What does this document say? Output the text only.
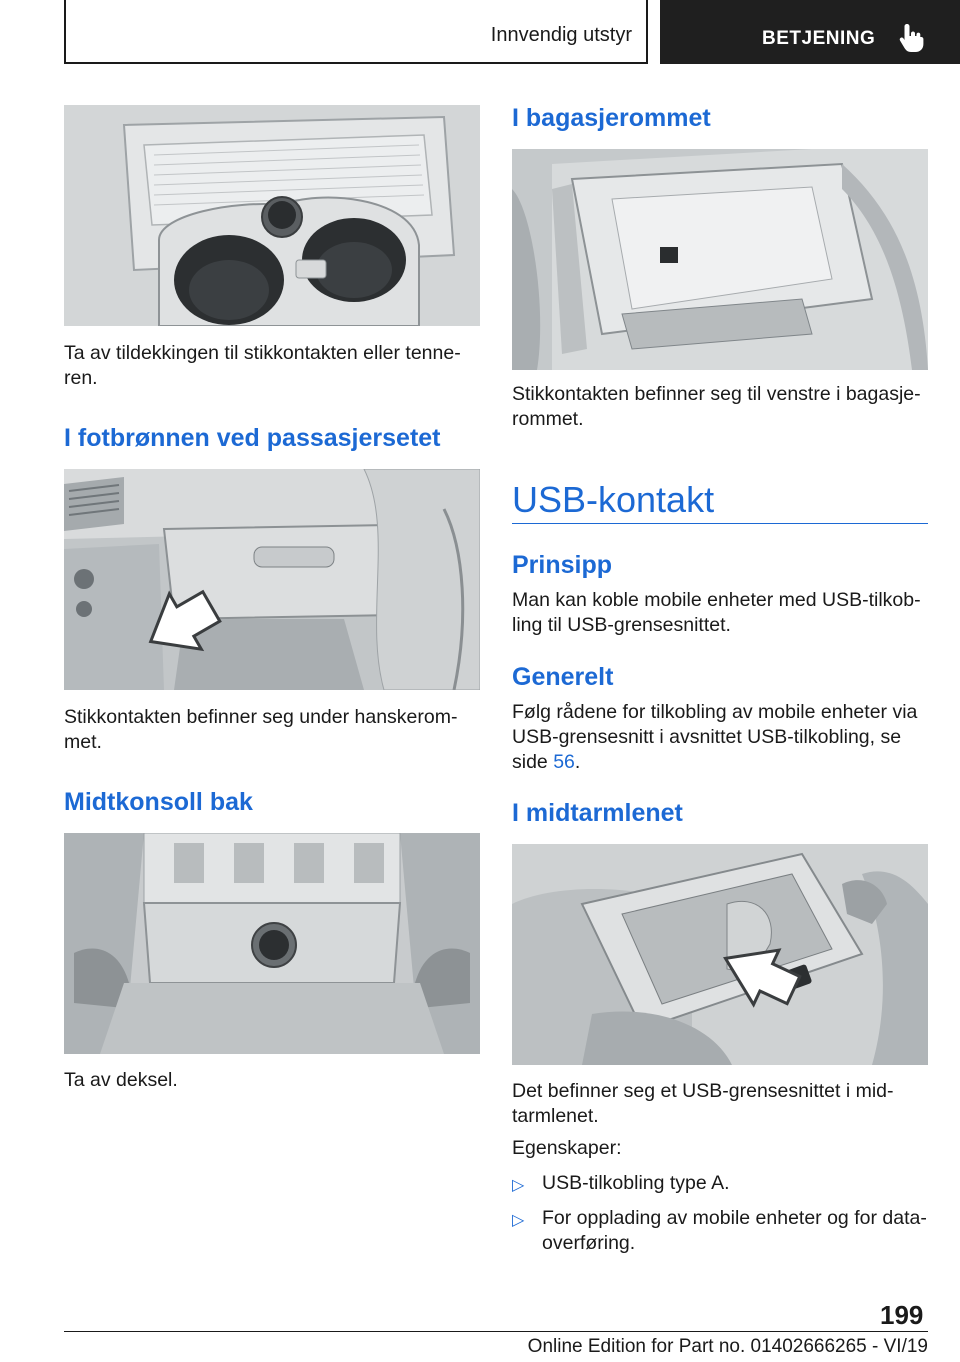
Innvendig utstyr	BETJENING

Ta av tildekkingen til stikkontakten eller tenne-ren.

I fotbrønnen ved passasjersetet

Stikkontakten befinner seg under hanskerom-met.

Midtkonsoll bak

Ta av deksel.

I bagasjerommet

Stikkontakten befinner seg til venstre i bagasje-rommet.

USB-kontakt
Prinsipp

Man kan koble mobile enheter med USB-tilkob-ling til USB-grensesnittet.

Generelt

Følg rådene for tilkobling av mobile enheter via USB-grensesnitt i avsnittet USB-tilkobling, se side 56.

I midtarmlenet

Det befinner seg et USB-grensesnittet i mid-tarmlenet.

Egenskaper:

▷ USB-tilkobling type A.
▷ For opplading av mobile enheter og for data-overføring.
199
Online Edition for Part no. 01402666265 - VI/19
